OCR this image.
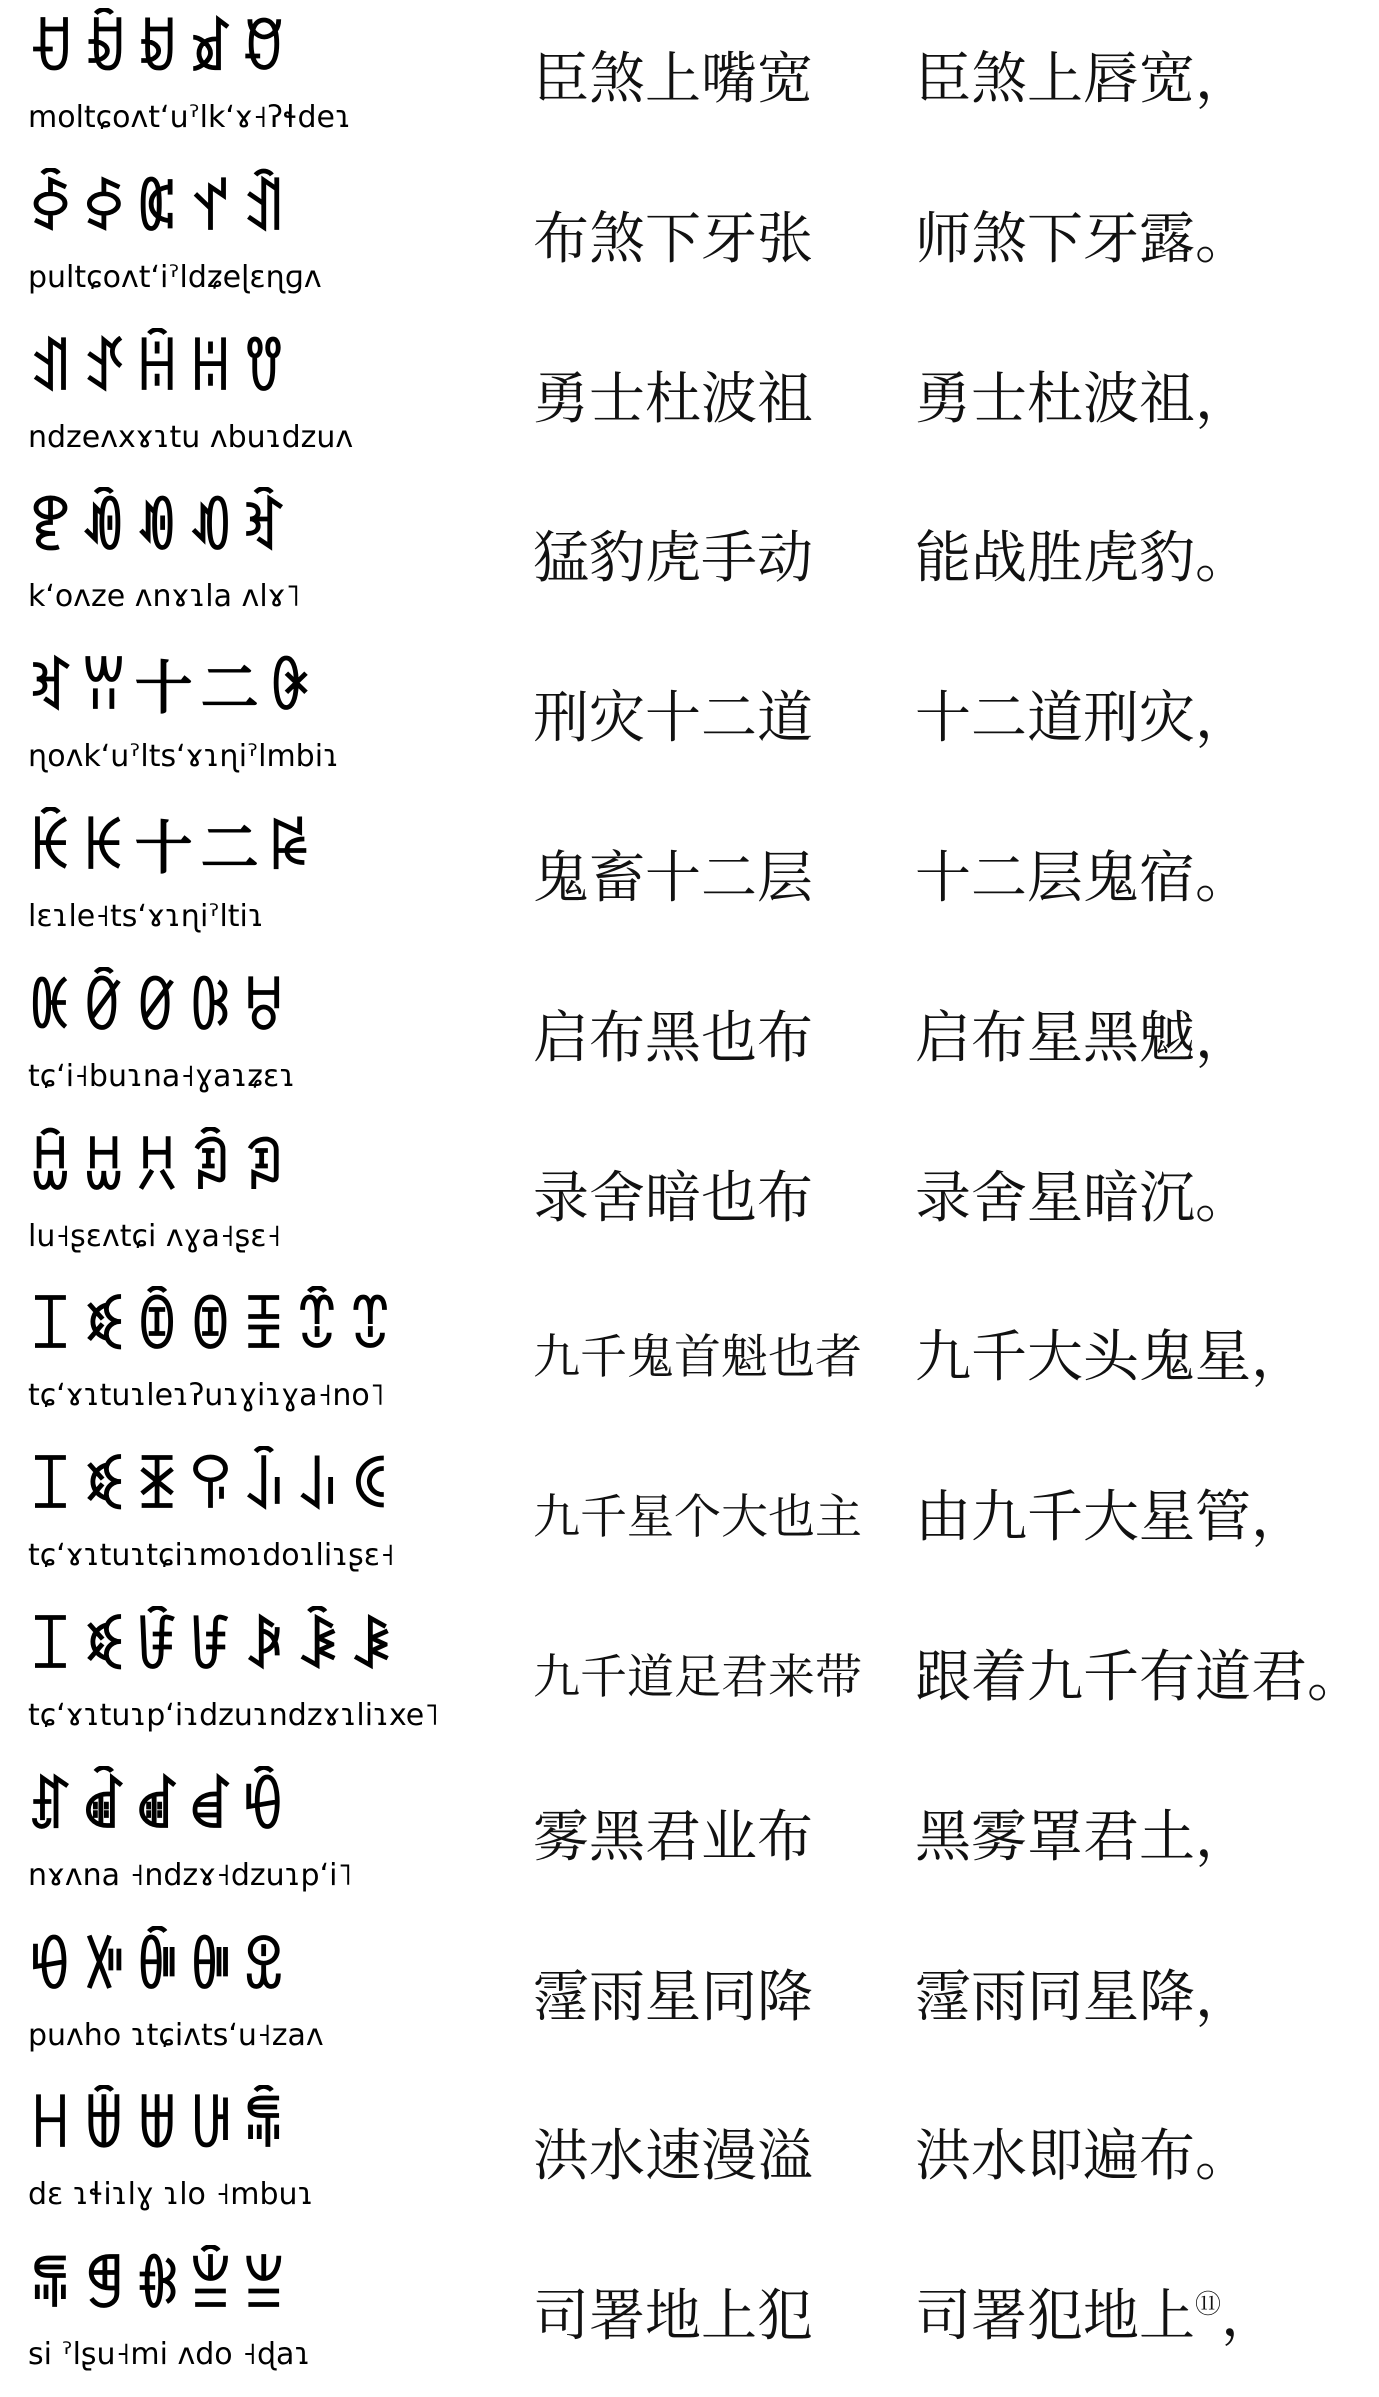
ꀀꀁꀂꀃꀄ
moltɕoʌtʻuˀlkʻɤ˧ʔɬdeɿ
臣煞上嘴宽	臣煞上唇宽，
ꀅꀆꀇꀈꀉ
pultɕoʌtʻiˀldʑeɭɛɳɡʌ
布煞下牙张	师煞下牙露。
ꀊꀋꀌꀍꀎ
ndzeʌxɤɿtu ʌbuɿdzuʌ
勇士杜波祖	勇士杜波祖，
ꀏꀐꀑꀒꀓ
kʻoʌze ʌnɤɿla ʌlɤ˥
猛豹虎手动	能战胜虎豹。
ꀔꀕ十二ꀖ
ɳoʌkʻuˀltsʻɤɿɳiˀlmbiɿ
刑灾十二道	十二道刑灾，
ꀗꀘ十二ꀙ
lɛɿle˧tsʻɤɿɳiˀltiɿ
鬼畜十二层	十二层鬼宿。
ꀚꀛꀜꀝꀞ
tɕʻi˧buɿna˧ɣaɿʑɛɿ
启布黑也布	启布星黑魆，
ꀟꀠꀡꀢꀣ
lu˧ʂɛʌtɕi ʌɣa˧ʂɛ˧
录舍暗也布	录舍星暗沉。
ꀤꀥꀦꀧꀨꀩꀪ
tɕʻɤɿtuɿleɿʔuɿɣiɿɣa˧no˥
九千鬼首魁也者 九千大头鬼星，
ꀤꀥꀫꀬꀭꀮꀯ
tɕʻɤɿtuɿtɕiɿmoɿdoɿliɿʂɛ˧
九千星个大也主 由九千大星管，
ꀤꀥꀰꀱꀲꀳꀴ
tɕʻɤɿtuɿpʻiɿdzuɿndzɤɿliɿxe˥
九千道足君来带 跟着九千有道君。
ꀵꀶꀷꀸꀹ
nɤʌna ˧ndzɤ˧dzuɿpʻi˥
雾黑君业布	黑雾罩君土，
ꀺꀻꀼꀽꀾ
puʌho ɿtɕiʌtsʻu˧zaʌ
霪雨星同降	霪雨同星降，
ꀿꁀꁁꁂꁃ
dɛ ɿɬiɿlɣ ɿlo ˧mbuɿ
洪水速漫溢	洪水即遍布。
ꁄꁅꁆꁇꁈ
si ˀlʂu˧mi ʌdo ˧ɖaɿ
司署地上犯	司署犯地上⑪，
